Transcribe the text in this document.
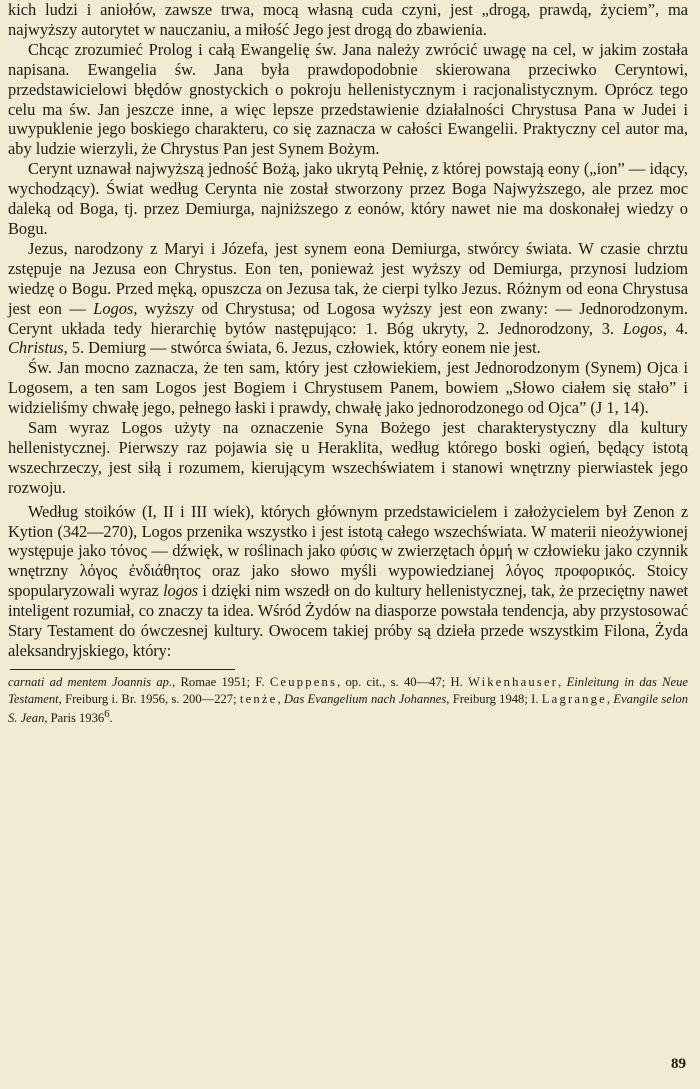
kich ludzi i aniołów, zawsze trwa, mocą własną cuda czyni, jest „drogą, prawdą, życiem”, ma najwyższy autorytet w nauczaniu, a miłość Jego jest drogą do zbawienia.

Chcąc zrozumieć Prolog i całą Ewangelię św. Jana należy zwrócić uwagę na cel, w jakim została napisana. Ewangelia św. Jana była prawdopodobnie skierowana przeciwko Ceryntowi, przedstawicielowi błędów gnostyckich o pokroju hellenistycznym i racjonalistycznym. Oprócz tego celu ma św. Jan jeszcze inne, a więc lepsze przedstawienie działalności Chrystusa Pana w Judei i uwypuklenie jego boskiego charakteru, co się zaznacza w całości Ewangelii. Praktyczny cel autor ma, aby ludzie wierzyli, że Chrystus Pan jest Synem Bożym.

Cerynt uznawał najwyższą jedność Bożą, jako ukrytą Pełnię, z której powstają eony („ion” — idący, wychodzący). Świat według Cerynta nie został stworzony przez Boga Najwyższego, ale przez moc daleką od Boga, tj. przez Demiurga, najniższego z eonów, który nawet nie ma doskonałej wiedzy o Bogu.

Jezus, narodzony z Maryi i Józefa, jest synem eona Demiurga, stwórcy świata. W czasie chrztu zstępuje na Jezusa eon Chrystus. Eon ten, ponieważ jest wyższy od Demiurga, przynosi ludziom wiedzę o Bogu. Przed męką, opuszcza on Jezusa tak, że cierpi tylko Jezus. Różnym od eona Chrystusa jest eon — Logos, wyższy od Chrystusa; od Logosa wyższy jest eon zwany: — Jednorodzonym. Cerynt układa tedy hierarchię bytów następująco: 1. Bóg ukryty, 2. Jednorodzony, 3. Logos, 4. Christus, 5. Demiurg — stwórca świata, 6. Jezus, człowiek, który eonem nie jest.

Św. Jan mocno zaznacza, że ten sam, który jest człowiekiem, jest Jednorodzonym (Synem) Ojca i Logosem, a ten sam Logos jest Bogiem i Chrystusem Panem, bowiem „Słowo ciałem się stało” i widzieliśmy chwałę jego, pełnego łaski i prawdy, chwałę jako jednorodzonego od Ojca” (J 1, 14).

Sam wyraz Logos użyty na oznaczenie Syna Bożego jest charakterystyczny dla kultury hellenistycznej. Pierwszy raz pojawia się u Heraklita, według którego boski ogień, będący istotą wszechrzeczy, jest siłą i rozumem, kierującym wszechświatem i stanowi wnętrzny pierwiastek jego rozwoju.

Według stoików (I, II i III wiek), których głównym przedstawicielem i założycielem był Zenon z Kytion (342—270), Logos przenika wszystko i jest istotą całego wszechświata. W materii nieożywionej występuje jako τόνος — dźwięk, w roślinach jako φύσις w zwierzętach ὁρμή w człowieku jako czynnik wnętrzny λόγος ἐνδιάθητος oraz jako słowo myśli wypowiedzianej λόγος προφορικός. Stoicy spopularyzowali wyraz logos i dzięki nim wszedł on do kultury hellenistycznej, tak, że przeciętny nawet inteligent rozumiał, co znaczy ta idea. Wśród Żydów na diasporze powstała tendencja, aby przystosować Stary Testament do ówczesnej kultury. Owocem takiej próby są dzieła przede wszystkim Filona, Żyda aleksandryjskiego, który:

carnati ad mentem Joannis ap., Romae 1951; F. Ceuppens, op. cit., s. 40—47; H. Wikenhauser, Einleitung in das Neue Testament, Freiburg i. Br. 1956, s. 200—227; tenże, Das Evangelium nach Johannes, Freiburg 1948; I. Lagrange, Evangile selon S. Jean, Paris 1936$^6$.

89
